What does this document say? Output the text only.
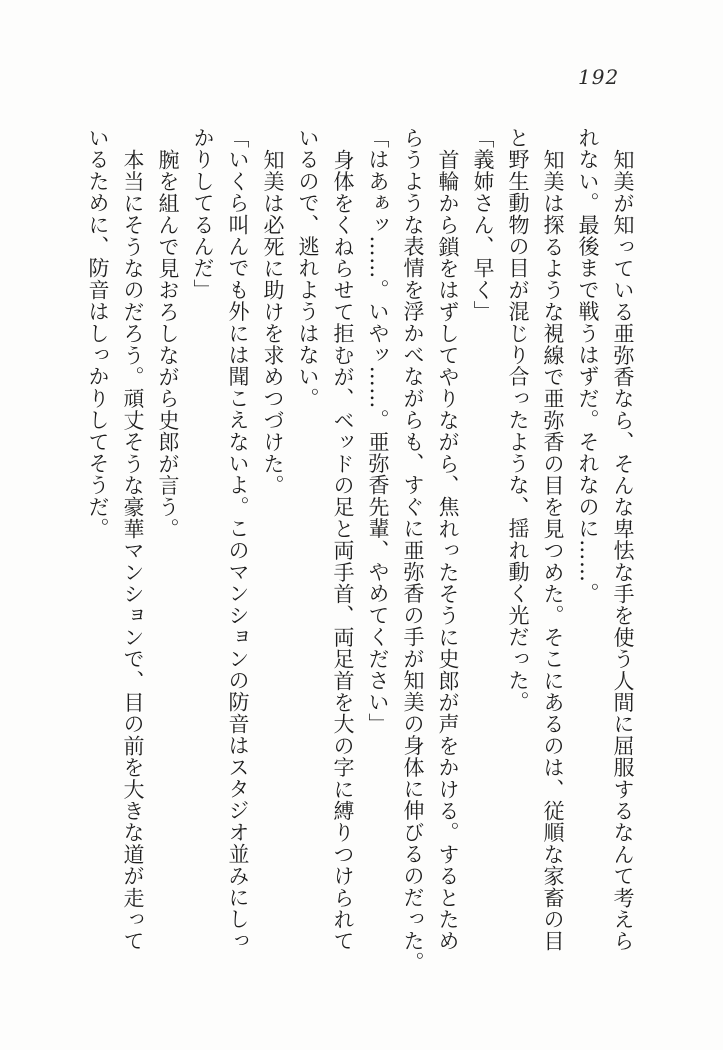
192
知美が知っている亜弥香なら、そんな卑怯な手を使う人間に屈服するなんて考えら
れない。最後まで戦うはずだ。それなのに……。
知美は探るような視線で亜弥香の目を見つめた。そこにあるのは、従順な家畜の目
と野生動物の目が混じり合ったような、揺れ動く光だった。
「義姉さん、早く」
首輪から鎖をはずしてやりながら、焦れったそうに史郎が声をかける。するとため
らうような表情を浮かべながらも、すぐに亜弥香の手が知美の身体に伸びるのだった。
「はあぁッ……。いやッ……。亜弥香先輩、やめてください」
身体をくねらせて拒むが、ベッドの足と両手首、両足首を大の字に縛りつけられて
いるので、逃れようはない。
知美は必死に助けを求めつづけた。
「いくら叫んでも外には聞こえないよ。このマンションの防音はスタジオ並みにしっ
かりしてるんだ」
腕を組んで見おろしながら史郎が言う。
本当にそうなのだろう。頑丈そうな豪華マンションで、目の前を大きな道が走って
いるために、防音はしっかりしてそうだ。
